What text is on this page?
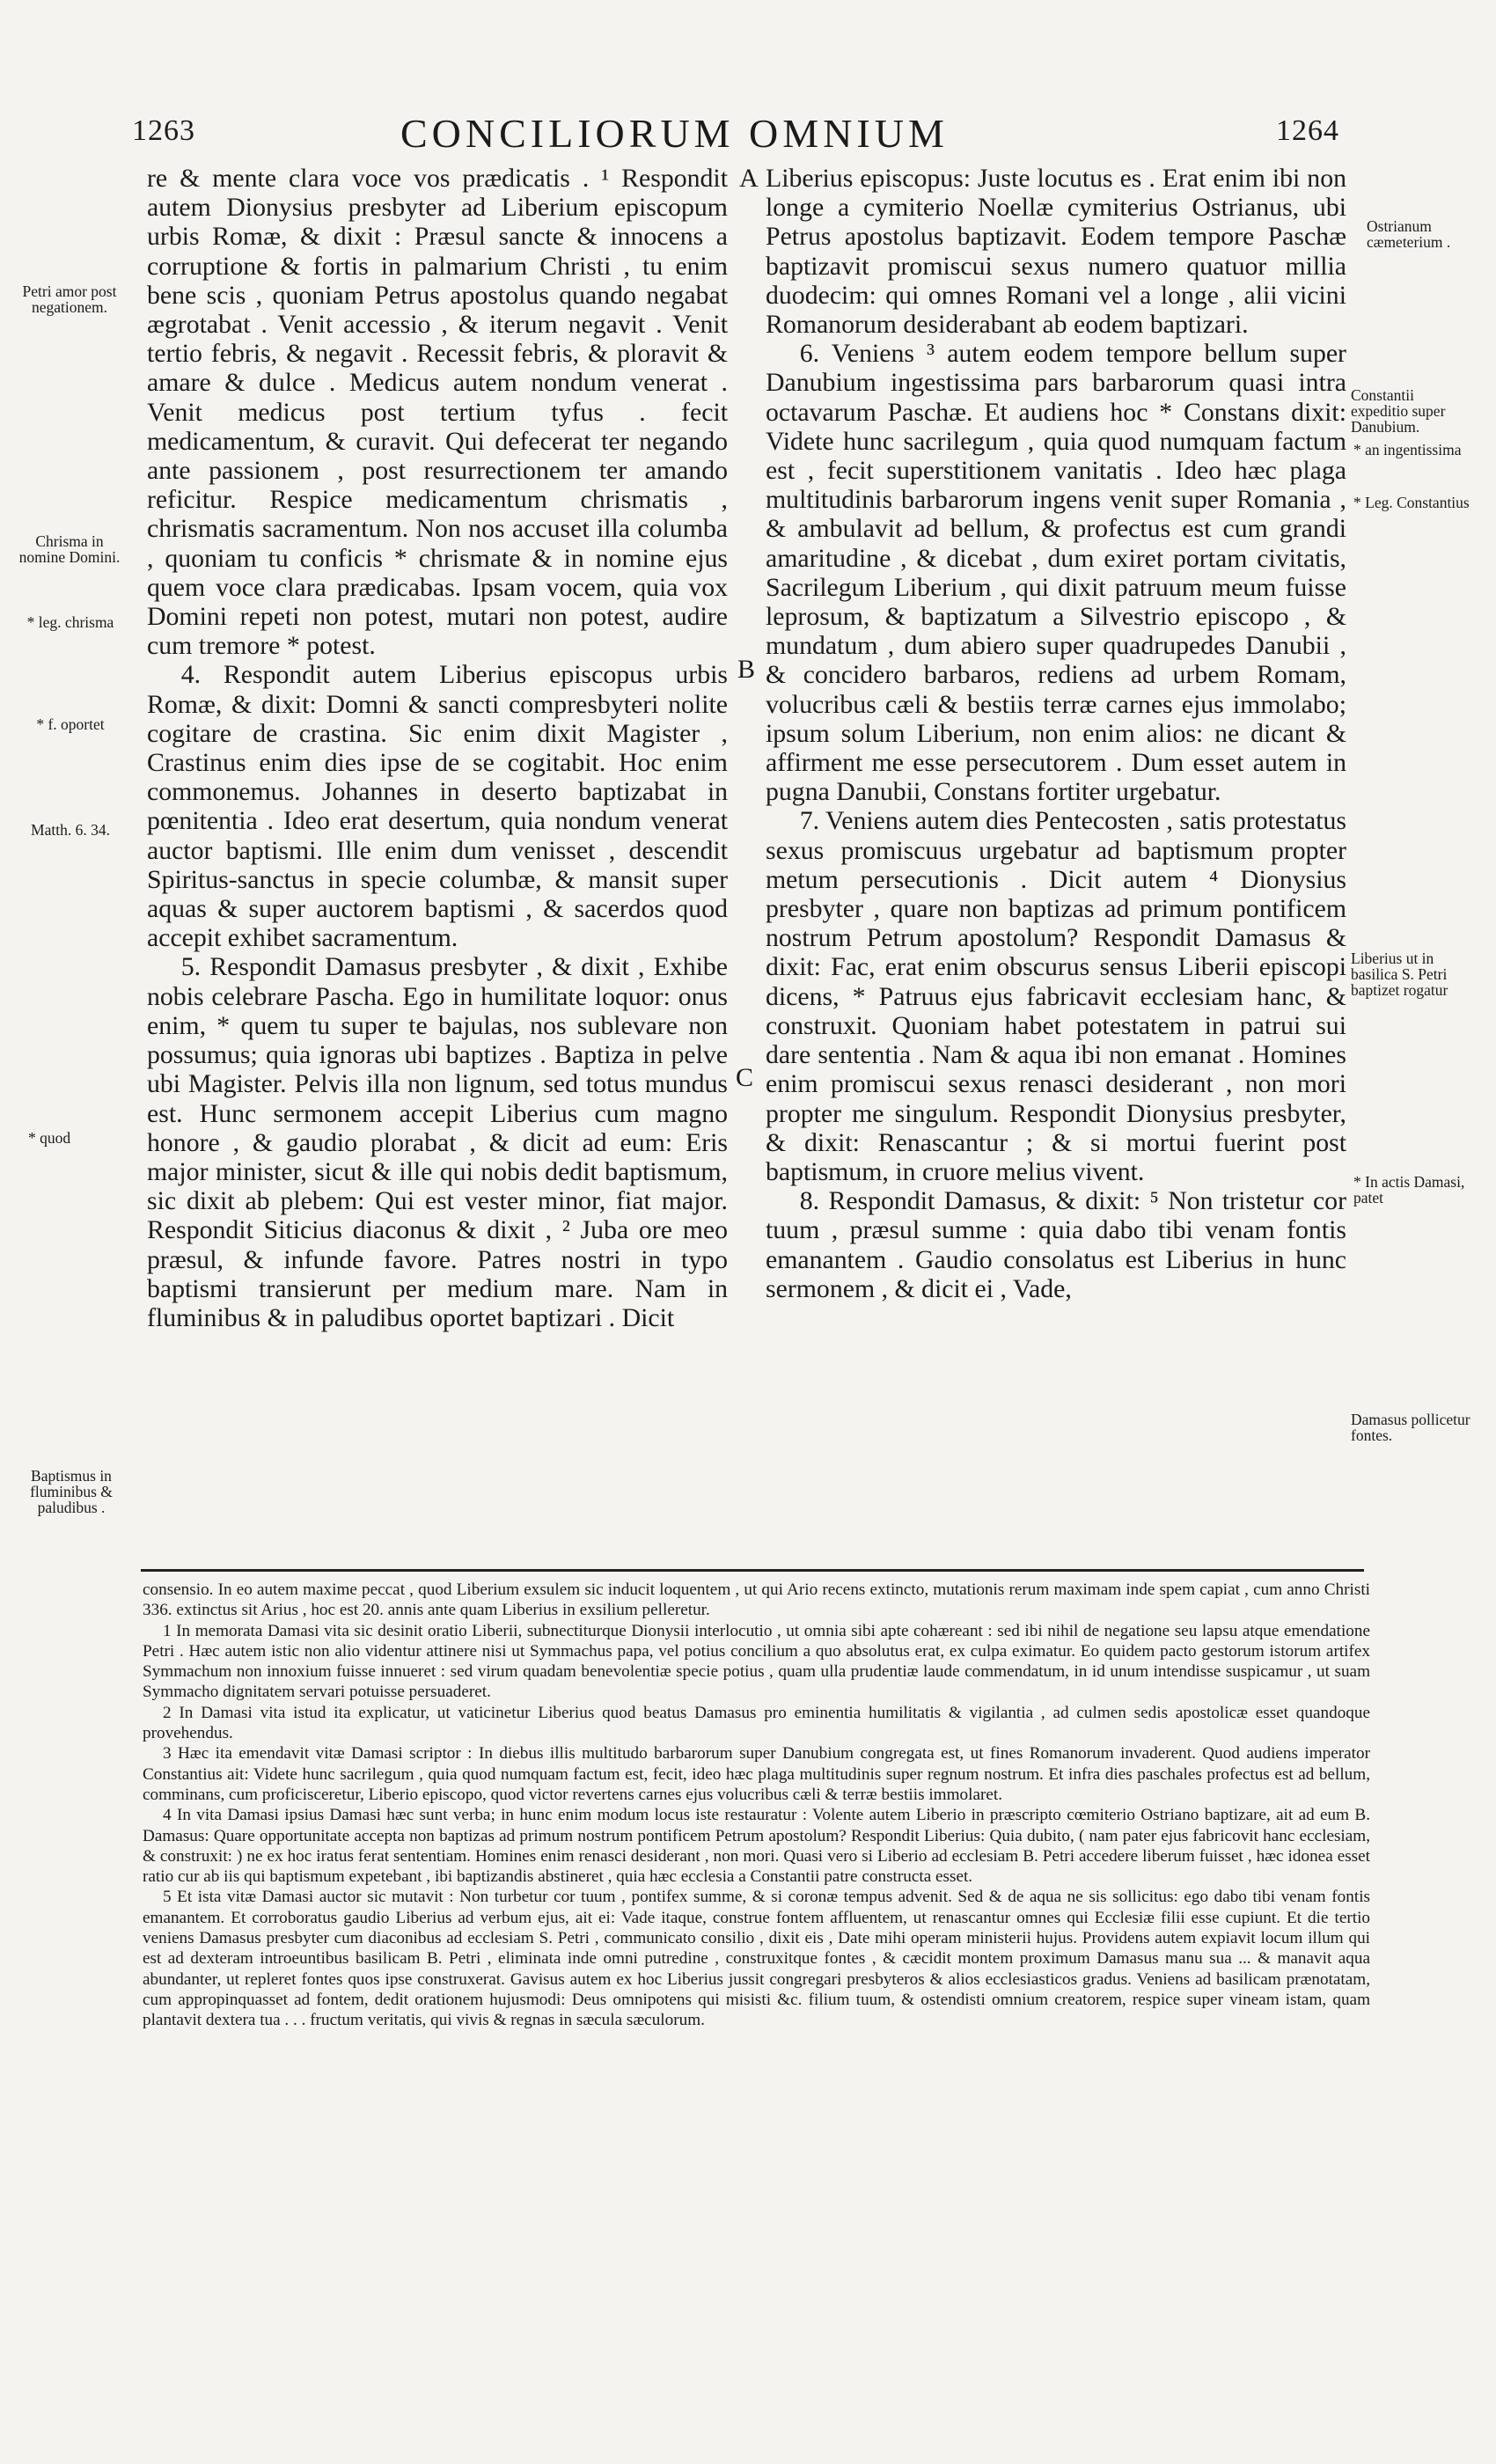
1263	CONCILIORUM OMNIUM	1264

re & mente clara voce vos prædicatis . ¹ Respondit autem Dionysius presbyter ad Liberium episcopum urbis Romæ, & dixit : Præsul sancte & innocens a corruptione & fortis in palmarium Christi , tu enim bene scis , quoniam Petrus apostolus quando negabat ægrotabat . Venit accessio , & iterum negavit . Venit tertio febris, & negavit . Recessit febris, & ploravit & amare & dulce . Medicus autem nondum venerat . Venit medicus post tertium tyfus . fecit medicamentum, & curavit. Qui defecerat ter negando ante passionem , post resurrectionem ter amando reficitur. Respice medicamentum chrismatis , chrismatis sacramentum. Non nos accuset illa columba , quoniam tu conficis * chrismate & in nomine ejus quem voce clara prædicabas. Ipsam vocem, quia vox Domini repeti non potest, mutari non potest, audire cum tremore * potest.

4. Respondit autem Liberius episcopus urbis Romæ, & dixit: Domni & sancti compresbyteri nolite cogitare de crastina. Sic enim dixit Magister , Crastinus enim dies ipse de se cogitabit. Hoc enim commonemus. Johannes in deserto baptizabat in pœnitentia . Ideo erat desertum, quia nondum venerat auctor baptismi. Ille enim dum venisset , descendit Spiritus-sanctus in specie columbæ, & mansit super aquas & super auctorem baptismi , & sacerdos quod accepit exhibet sacramentum.

5. Respondit Damasus presbyter , & dixit , Exhibe nobis celebrare Pascha. Ego in humilitate loquor: onus enim, * quem tu super te bajulas, nos sublevare non possumus; quia ignoras ubi baptizes . Baptiza in pelve ubi Magister. Pelvis illa non lignum, sed totus mundus est. Hunc sermonem accepit Liberius cum magno honore , & gaudio plorabat , & dicit ad eum: Eris major minister, sicut & ille qui nobis dedit baptismum, sic dixit ab plebem: Qui est vester minor, fiat major. Respondit Siticius diaconus & dixit , ² Juba ore meo præsul, & infunde favore. Patres nostri in typo baptismi transierunt per medium mare. Nam in fluminibus & in paludibus oportet baptizari . Dicit

Liberius episcopus: Juste locutus es . Erat enim ibi non longe a cymiterio Noellæ cymiterius Ostrianus, ubi Petrus apostolus baptizavit. Eodem tempore Paschæ baptizavit promiscui sexus numero quatuor millia duodecim: qui omnes Romani vel a longe , alii vicini Romanorum desiderabant ab eodem baptizari.

6. Veniens ³ autem eodem tempore bellum super Danubium ingestissima pars barbarorum quasi intra octavarum Paschæ. Et audiens hoc * Constans dixit: Videte hunc sacrilegum , quia quod numquam factum est , fecit superstitionem vanitatis . Ideo hæc plaga multitudinis barbarorum ingens venit super Romania , & ambulavit ad bellum, & profectus est cum grandi amaritudine , & dicebat , dum exiret portam civitatis, Sacrilegum Liberium , qui dixit patruum meum fuisse leprosum, & baptizatum a Silvestrio episcopo , & mundatum , dum abiero super quadrupedes Danubii , & concidero barbaros, rediens ad urbem Romam, volucribus cæli & bestiis terræ carnes ejus immolabo; ipsum solum Liberium, non enim alios: ne dicant & affirment me esse persecutorem . Dum esset autem in pugna Danubii, Constans fortiter urgebatur.

7. Veniens autem dies Pentecosten , satis protestatus sexus promiscuus urgebatur ad baptismum propter metum persecutionis . Dicit autem ⁴ Dionysius presbyter , quare non baptizas ad primum pontificem nostrum Petrum apostolum? Respondit Damasus & dixit: Fac, erat enim obscurus sensus Liberii episcopi dicens, * Patruus ejus fabricavit ecclesiam hanc, & construxit. Quoniam habet potestatem in patrui sui dare sententia . Nam & aqua ibi non emanat . Homines enim promiscui sexus renasci desiderant , non mori propter me singulum. Respondit Dionysius presbyter, & dixit: Renascantur ; & si mortui fuerint post baptismum, in cruore melius vivent.

8. Respondit Damasus, & dixit: ⁵ Non tristetur cor tuum , præsul summe : quia dabo tibi venam fontis emanantem . Gaudio consolatus est Liberius in hunc sermonem , & dicit ei , Vade,

A
B
C
Petri amor post negationem.
Chrisma in nomine Domini.
* leg. chrisma
* f. oportet
Matth. 6. 34.
* quod
Baptismus in fluminibus & paludibus .
Ostrianum cæmeterium .
Constantii expeditio super Danubium.
* an ingentissima
* Leg. Constantius
Liberius ut in basilica S. Petri baptizet rogatur
* In actis Damasi, patet
Damasus pollicetur fontes.

consensio. In eo autem maxime peccat , quod Liberium exsulem sic inducit loquentem , ut qui Ario recens extincto, mutationis rerum maximam inde spem capiat , cum anno Christi 336. extinctus sit Arius , hoc est 20. annis ante quam Liberius in exsilium pelleretur.

1 In memorata Damasi vita sic desinit oratio Liberii, subnectiturque Dionysii interlocutio , ut omnia sibi apte cohæreant : sed ibi nihil de negatione seu lapsu atque emendatione Petri . Hæc autem istic non alio videntur attinere nisi ut Symmachus papa, vel potius concilium a quo absolutus erat, ex culpa eximatur. Eo quidem pacto gestorum istorum artifex Symmachum non innoxium fuisse innueret : sed virum quadam benevolentiæ specie potius , quam ulla prudentiæ laude commendatum, in id unum intendisse suspicamur , ut suam Symmacho dignitatem servari potuisse persuaderet.

2 In Damasi vita istud ita explicatur, ut vaticinetur Liberius quod beatus Damasus pro eminentia humilitatis & vigilantia , ad culmen sedis apostolicæ esset quandoque provehendus.

3 Hæc ita emendavit vitæ Damasi scriptor : In diebus illis multitudo barbarorum super Danubium congregata est, ut fines Romanorum invaderent. Quod audiens imperator Constantius ait: Videte hunc sacrilegum , quia quod numquam factum est, fecit, ideo hæc plaga multitudinis super regnum nostrum. Et infra dies paschales profectus est ad bellum, comminans, cum proficisceretur, Liberio episcopo, quod victor revertens carnes ejus volucribus cæli & terræ bestiis immolaret.

4 In vita Damasi ipsius Damasi hæc sunt verba; in hunc enim modum locus iste restauratur : Volente autem Liberio in præscripto cœmiterio Ostriano baptizare, ait ad eum B. Damasus: Quare opportunitate accepta non baptizas ad primum nostrum pontificem Petrum apostolum? Respondit Liberius: Quia dubito, ( nam pater ejus fabricovit hanc ecclesiam, & construxit: ) ne ex hoc iratus ferat sententiam. Homines enim renasci desiderant , non mori. Quasi vero si Liberio ad ecclesiam B. Petri accedere liberum fuisset , hæc idonea esset ratio cur ab iis qui baptismum expetebant , ibi baptizandis abstineret , quia hæc ecclesia a Constantii patre constructa esset.

5 Et ista vitæ Damasi auctor sic mutavit : Non turbetur cor tuum , pontifex summe, & si coronæ tempus advenit. Sed & de aqua ne sis sollicitus: ego dabo tibi venam fontis emanantem. Et corroboratus gaudio Liberius ad verbum ejus, ait ei: Vade itaque, construe fontem affluentem, ut renascantur omnes qui Ecclesiæ filii esse cupiunt. Et die tertio veniens Damasus presbyter cum diaconibus ad ecclesiam S. Petri , communicato consilio , dixit eis , Date mihi operam ministerii hujus. Providens autem expiavit locum illum qui est ad dexteram introeuntibus basilicam B. Petri , eliminata inde omni putredine , construxitque fontes , & cæcidit montem proximum Damasus manu sua ... & manavit aqua abundanter, ut repleret fontes quos ipse construxerat. Gavisus autem ex hoc Liberius jussit congregari presbyteros & alios ecclesiasticos gradus. Veniens ad basilicam prænotatam, cum appropinquasset ad fontem, dedit orationem hujusmodi: Deus omnipotens qui misisti &c. filium tuum, & ostendisti omnium creatorem, respice super vineam istam, quam plantavit dextera tua . . . fructum veritatis, qui vivis & regnas in sæcula sæculorum.
